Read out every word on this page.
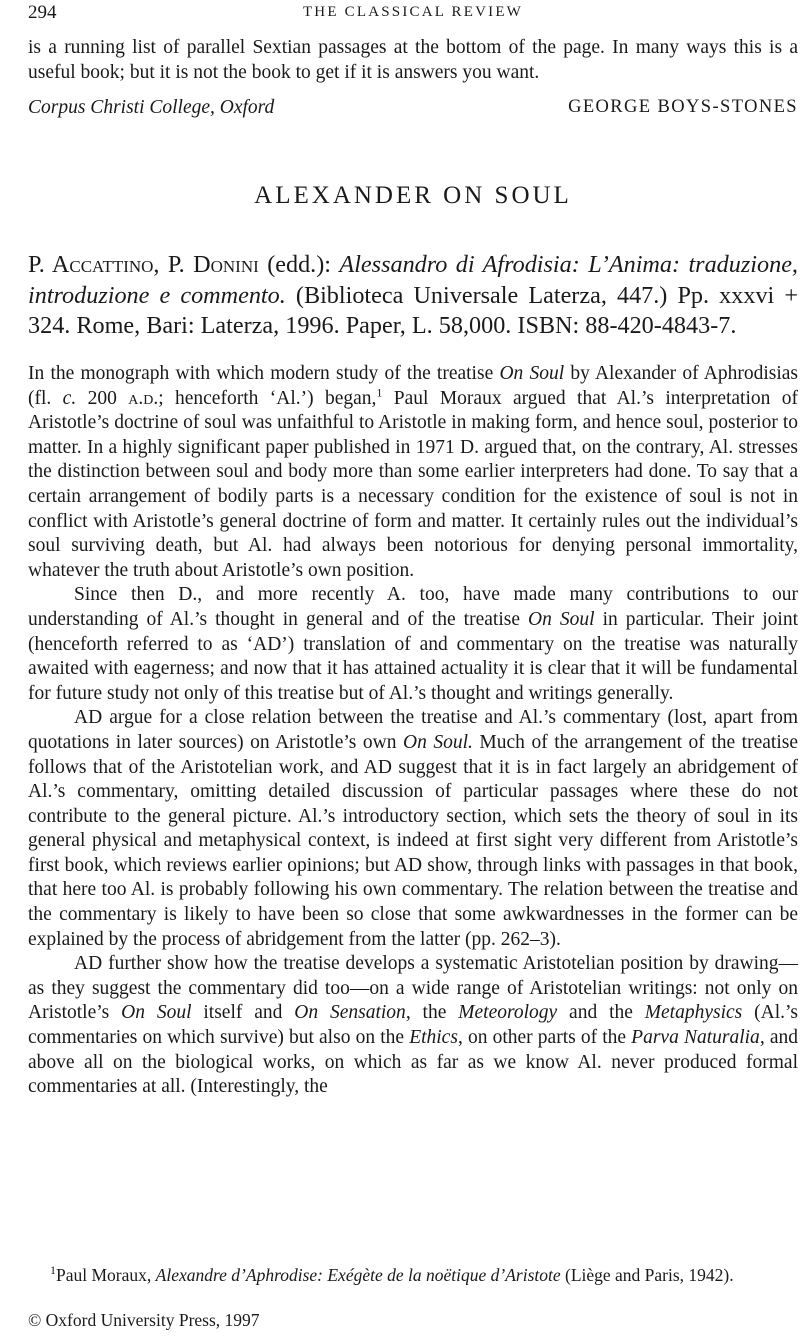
294	THE CLASSICAL REVIEW

is a running list of parallel Sextian passages at the bottom of the page. In many ways this is a useful book; but it is not the book to get if it is answers you want.

Corpus Christi College, Oxford	GEORGE BOYS-STONES
ALEXANDER ON SOUL

P. Accattino, P. Donini (edd.): Alessandro di Afrodisia: L’Anima: traduzione, introduzione e commento. (Biblioteca Universale Laterza, 447.) Pp. xxxvi + 324. Rome, Bari: Laterza, 1996. Paper, L. 58,000. ISBN: 88-420-4843-7.

In the monograph with which modern study of the treatise On Soul by Alexander of Aphrodisias (fl. c. 200 a.d.; henceforth ‘Al.’) began,$^1$ Paul Moraux argued that Al.’s interpretation of Aristotle’s doctrine of soul was unfaithful to Aristotle in making form, and hence soul, posterior to matter. In a highly significant paper published in 1971 D. argued that, on the contrary, Al. stresses the distinction between soul and body more than some earlier interpreters had done. To say that a certain arrangement of bodily parts is a necessary condition for the existence of soul is not in conflict with Aristotle’s general doctrine of form and matter. It certainly rules out the individual’s soul surviving death, but Al. had always been notorious for denying personal immortality, whatever the truth about Aristotle’s own position.

Since then D., and more recently A. too, have made many contributions to our understanding of Al.’s thought in general and of the treatise On Soul in particular. Their joint (henceforth referred to as ‘AD’) translation of and commentary on the treatise was naturally awaited with eagerness; and now that it has attained actuality it is clear that it will be fundamental for future study not only of this treatise but of Al.’s thought and writings generally.

AD argue for a close relation between the treatise and Al.’s commentary (lost, apart from quotations in later sources) on Aristotle’s own On Soul. Much of the arrangement of the treatise follows that of the Aristotelian work, and AD suggest that it is in fact largely an abridgement of Al.’s commentary, omitting detailed discussion of particular passages where these do not contribute to the general picture. Al.’s introductory section, which sets the theory of soul in its general physical and metaphysical context, is indeed at first sight very different from Aristotle’s first book, which reviews earlier opinions; but AD show, through links with passages in that book, that here too Al. is probably following his own commentary. The relation between the treatise and the commentary is likely to have been so close that some awkwardnesses in the former can be explained by the process of abridgement from the latter (pp. 262–3).

AD further show how the treatise develops a systematic Aristotelian position by drawing—as they suggest the commentary did too—on a wide range of Aristotelian writings: not only on Aristotle’s On Soul itself and On Sensation, the Meteorology and the Metaphysics (Al.’s commentaries on which survive) but also on the Ethics, on other parts of the Parva Naturalia, and above all on the biological works, on which as far as we know Al. never produced formal commentaries at all. (Interestingly, the

$^1$Paul Moraux, Alexandre d’Aphrodise: Exégète de la noëtique d’Aristote (Liège and Paris, 1942).

© Oxford University Press, 1997
